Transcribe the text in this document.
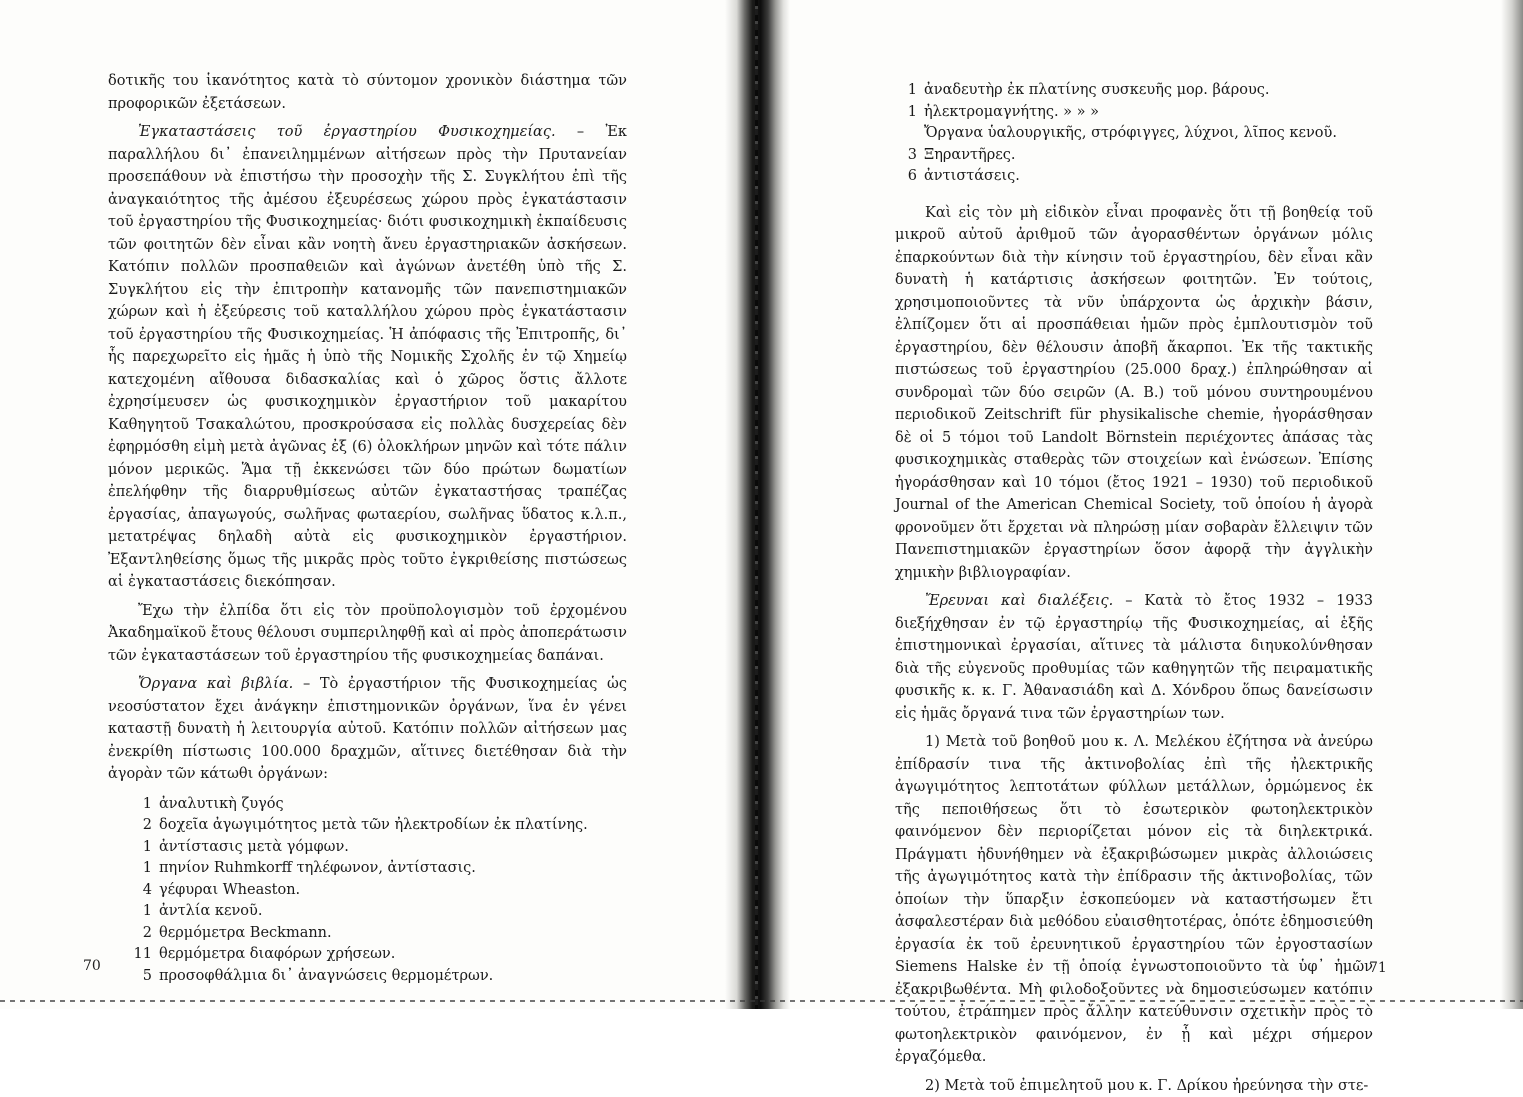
δοτικῆς του ἱκανότητος κατὰ τὸ σύντομον χρονικὸν διάστημα τῶν προφορικῶν ἐξετάσεων.

Ἐγκαταστάσεις τοῦ ἐργαστηρίου Φυσικοχημείας. – Ἐκ παραλλήλου δι᾽ ἐπανειλημμένων αἰτήσεων πρὸς τὴν Πρυτανείαν προσεπάθουν νὰ ἐπιστήσω τὴν προσοχὴν τῆς Σ. Συγκλήτου ἐπὶ τῆς ἀναγκαιότητος τῆς ἀμέσου ἐξευρέσεως χώρου πρὸς ἐγκατάστασιν τοῦ ἐργαστηρίου τῆς Φυσικοχημείας· διότι φυσικοχημικὴ ἐκπαίδευσις τῶν φοιτητῶν δὲν εἶναι κἂν νοητὴ ἄνευ ἐργαστηριακῶν ἀσκήσεων. Κατόπιν πολλῶν προσπαθειῶν καὶ ἀγώνων ἀνετέθη ὑπὸ τῆς Σ. Συγκλήτου εἰς τὴν ἐπιτροπὴν κατανομῆς τῶν πανεπιστημιακῶν χώρων καὶ ἡ ἐξεύρεσις τοῦ καταλλήλου χώρου πρὸς ἐγκατάστασιν τοῦ ἐργαστηρίου τῆς Φυσικοχημείας. Ἡ ἀπόφασις τῆς Ἐπιτροπῆς, δι᾽ ἧς παρεχωρεῖτο εἰς ἡμᾶς ἡ ὑπὸ τῆς Νομικῆς Σχολῆς ἐν τῷ Χημείῳ κατεχομένη αἴθουσα διδασκαλίας καὶ ὁ χῶρος ὅστις ἄλλοτε ἐχρησίμευσεν ὡς φυσικοχημικὸν ἐργαστήριον τοῦ μακαρίτου Καθηγητοῦ Τσακαλώτου, προσκρούσασα εἰς πολλὰς δυσχερείας δὲν ἐφηρμόσθη εἰμὴ μετὰ ἀγῶνας ἐξ (6) ὁλοκλήρων μηνῶν καὶ τότε πάλιν μόνον μερικῶς. Ἅμα τῇ ἐκκενώσει τῶν δύο πρώτων δωματίων ἐπελήφθην τῆς διαρρυθμίσεως αὐτῶν ἐγκαταστήσας τραπέζας ἐργασίας, ἀπαγωγούς, σωλῆνας φωταερίου, σωλῆνας ὕδατος κ.λ.π., μετατρέψας δηλαδὴ αὐτὰ εἰς φυσικοχημικὸν ἐργαστήριον. Ἐξαντληθείσης ὅμως τῆς μικρᾶς πρὸς τοῦτο ἐγκριθείσης πιστώσεως αἱ ἐγκαταστάσεις διεκόπησαν.

Ἔχω τὴν ἐλπίδα ὅτι εἰς τὸν προϋπολογισμὸν τοῦ ἐρχομένου Ἀκαδημαϊκοῦ ἔτους θέλουσι συμπεριληφθῇ καὶ αἱ πρὸς ἀποπεράτωσιν τῶν ἐγκαταστάσεων τοῦ ἐργαστηρίου τῆς φυσικοχημείας δαπάναι.

Ὄργανα καὶ βιβλία. – Τὸ ἐργαστήριον τῆς Φυσικοχημείας ὡς νεοσύστατον ἔχει ἀνάγκην ἐπιστημονικῶν ὀργάνων, ἵνα ἐν γένει καταστῇ δυνατὴ ἡ λειτουργία αὐτοῦ. Κατόπιν πολλῶν αἰτήσεων μας ἐνεκρίθη πίστωσις 100.000 δραχμῶν, αἵτινες διετέθησαν διὰ τὴν ἀγορὰν τῶν κάτωθι ὀργάνων:

1 ἀναλυτικὴ ζυγός
2 δοχεῖα ἀγωγιμότητος μετὰ τῶν ἠλεκτροδίων ἐκ πλατίνης.
1 ἀντίστασις μετὰ γόμφων.
1 πηνίον Ruhmkorff τηλέφωνον, ἀντίστασις.
4 γέφυραι Wheaston.
1 ἀντλία κενοῦ.
2 θερμόμετρα Beckmann.
11 θερμόμετρα διαφόρων χρήσεων.
5 προσοφθάλμια δι᾽ ἀναγνώσεις θερμομέτρων.
70
1 ἀναδευτὴρ ἐκ πλατίνης συσκευῆς μορ. βάρους.
1 ἠλεκτρομαγνήτης. » » »
Ὄργανα ὑαλουργικῆς, στρόφιγγες, λύχνοι, λῖπος κενοῦ.
3 Ξηραντῆρες.
6 ἀντιστάσεις.

Καὶ εἰς τὸν μὴ εἰδικὸν εἶναι προφανὲς ὅτι τῇ βοηθείᾳ τοῦ μικροῦ αὐτοῦ ἀριθμοῦ τῶν ἀγορασθέντων ὀργάνων μόλις ἐπαρκούντων διὰ τὴν κίνησιν τοῦ ἐργαστηρίου, δὲν εἶναι κἂν δυνατὴ ἡ κατάρτισις ἀσκήσεων φοιτητῶν. Ἐν τούτοις, χρησιμοποιοῦντες τὰ νῦν ὑπάρχοντα ὡς ἀρχικὴν βάσιν, ἐλπίζομεν ὅτι αἱ προσπάθειαι ἡμῶν πρὸς ἐμπλουτισμὸν τοῦ ἐργαστηρίου, δὲν θέλουσιν ἀποβῆ ἄκαρποι. Ἐκ τῆς τακτικῆς πιστώσεως τοῦ ἐργαστηρίου (25.000 δραχ.) ἐπληρώθησαν αἱ συνδρομαὶ τῶν δύο σειρῶν (Α. Β.) τοῦ μόνου συντηρουμένου περιοδικοῦ Zeitschrift für physikalische chemie, ἠγοράσθησαν δὲ οἱ 5 τόμοι τοῦ Landolt Börnstein περιέχοντες ἁπάσας τὰς φυσικοχημικὰς σταθερὰς τῶν στοιχείων καὶ ἑνώσεων. Ἐπίσης ἠγοράσθησαν καὶ 10 τόμοι (ἔτος 1921 – 1930) τοῦ περιοδικοῦ Journal of the American Chemical Society, τοῦ ὁποίου ἡ ἀγορὰ φρονοῦμεν ὅτι ἔρχεται νὰ πληρώσῃ μίαν σοβαρὰν ἔλλειψιν τῶν Πανεπιστημιακῶν ἐργαστηρίων ὅσον ἀφορᾷ τὴν ἀγγλικὴν χημικὴν βιβλιογραφίαν.

Ἔρευναι καὶ διαλέξεις. – Κατὰ τὸ ἔτος 1932 – 1933 διεξήχθησαν ἐν τῷ ἐργαστηρίῳ τῆς Φυσικοχημείας, αἱ ἑξῆς ἐπιστημονικαὶ ἐργασίαι, αἵτινες τὰ μάλιστα διηυκολύνθησαν διὰ τῆς εὐγενοῦς προθυμίας τῶν καθηγητῶν τῆς πειραματικῆς φυσικῆς κ. κ. Γ. Ἀθανασιάδη καὶ Δ. Χόνδρου ὅπως δανείσωσιν εἰς ἡμᾶς ὄργανά τινα τῶν ἐργαστηρίων των.

1) Μετὰ τοῦ βοηθοῦ μου κ. Λ. Μελέκου ἐζήτησα νὰ ἀνεύρω ἐπίδρασίν τινα τῆς ἀκτινοβολίας ἐπὶ τῆς ἠλεκτρικῆς ἀγωγιμότητος λεπτοτάτων φύλλων μετάλλων, ὁρμώμενος ἐκ τῆς πεποιθήσεως ὅτι τὸ ἐσωτερικὸν φωτοηλεκτρικὸν φαινόμενον δὲν περιορίζεται μόνον εἰς τὰ διηλεκτρικά. Πράγματι ἠδυνήθημεν νὰ ἐξακριβώσωμεν μικρὰς ἀλλοιώσεις τῆς ἀγωγιμότητος κατὰ τὴν ἐπίδρασιν τῆς ἀκτινοβολίας, τῶν ὁποίων τὴν ὕπαρξιν ἐσκοπεύομεν νὰ καταστήσωμεν ἔτι ἀσφαλεστέραν διὰ μεθόδου εὐαισθητοτέρας, ὁπότε ἐδημοσιεύθη ἐργασία ἐκ τοῦ ἐρευνητικοῦ ἐργαστηρίου τῶν ἐργοστασίων Siemens Halske ἐν τῇ ὁποίᾳ ἐγνωστοποιοῦντο τὰ ὑφ᾽ ἡμῶν ἐξακριβωθέντα. Μὴ φιλοδοξοῦντες νὰ δημοσιεύσωμεν κατόπιν τούτου, ἐτράπημεν πρὸς ἄλλην κατεύθυνσιν σχετικὴν πρὸς τὸ φωτοηλεκτρικὸν φαινόμενον, ἐν ᾗ καὶ μέχρι σήμερον ἐργαζόμεθα.

2) Μετὰ τοῦ ἐπιμελητοῦ μου κ. Γ. Δρίκου ἠρεύνησα τὴν στε-

71
